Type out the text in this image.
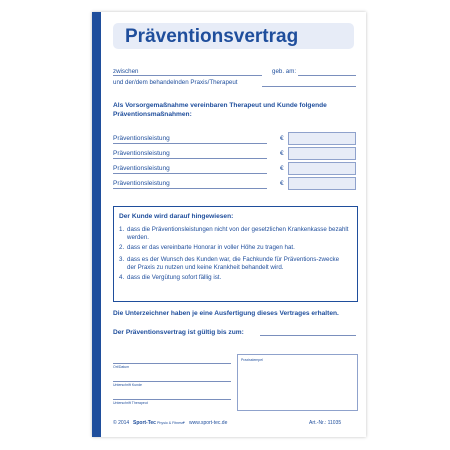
Präventionsvertrag
zwischen	geb. am:
und der/dem behandelnden Praxis/Therapeut
Als Vorsorgemaßnahme vereinbaren Therapeut und Kunde folgende Präventionsmaßnahmen:
Präventionsleistung	€
Präventionsleistung	€
Präventionsleistung	€
Präventionsleistung	€
Der Kunde wird darauf hingewiesen:
1. dass die Präventionsleistungen nicht von der gesetzlichen Krankenkasse bezahlt werden.
2. dass er das vereinbarte Honorar in voller Höhe zu tragen hat.
3. dass es der Wunsch des Kunden war, die Fachkunde für Präventions-zwecke der Praxis zu nutzen und keine Krankheit behandelt wird.
4. dass die Vergütung sofort fällig ist.
Die Unterzeichner haben je eine Ausfertigung dieses Vertrages erhalten.
Der Präventionsvertrag ist gültig bis zum:
Ort/Datum
Unterschrift Kunde
Unterschrift Therapeut
Praxisstempel
© 2014 Sport-Tec Physio & Fitness • www.sport-tec.de	Art.-Nr.: 11035
